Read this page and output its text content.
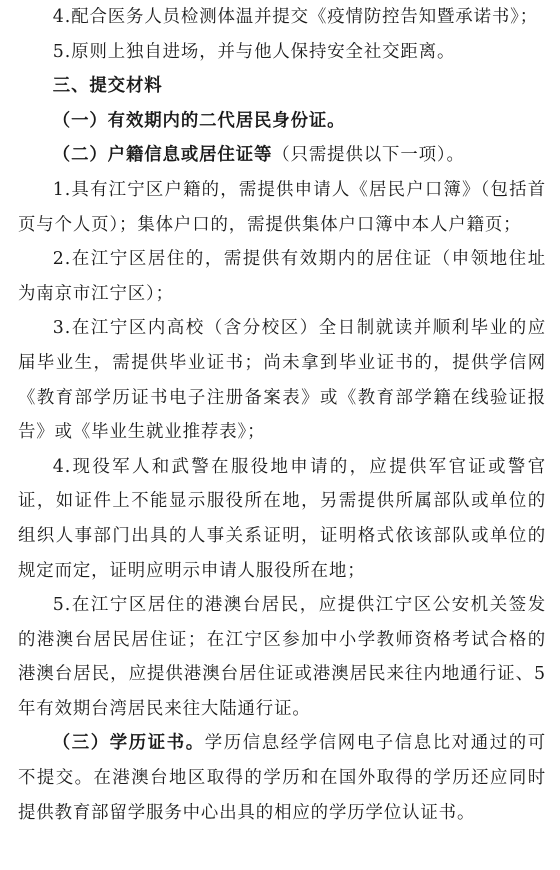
4.配合医务人员检测体温并提交《疫情防控告知暨承诺书》；

5.原则上独自进场，并与他人保持安全社交距离。

三、提交材料

（一）有效期内的二代居民身份证。

（二）户籍信息或居住证等（只需提供以下一项）。

1.具有江宁区户籍的，需提供申请人《居民户口簿》（包括首页与个人页）；集体户口的，需提供集体户口簿中本人户籍页；

2.在江宁区居住的，需提供有效期内的居住证（申领地住址为南京市江宁区）；

3.在江宁区内高校（含分校区）全日制就读并顺利毕业的应届毕业生，需提供毕业证书；尚未拿到毕业证书的，提供学信网《教育部学历证书电子注册备案表》或《教育部学籍在线验证报告》或《毕业生就业推荐表》；

4.现役军人和武警在服役地申请的，应提供军官证或警官证，如证件上不能显示服役所在地，另需提供所属部队或单位的组织人事部门出具的人事关系证明，证明格式依该部队或单位的规定而定，证明应明示申请人服役所在地；

5.在江宁区居住的港澳台居民，应提供江宁区公安机关签发的港澳台居民居住证；在江宁区参加中小学教师资格考试合格的港澳台居民，应提供港澳台居住证或港澳居民来往内地通行证、5年有效期台湾居民来往大陆通行证。

（三）学历证书。学历信息经学信网电子信息比对通过的可不提交。在港澳台地区取得的学历和在国外取得的学历还应同时提供教育部留学服务中心出具的相应的学历学位认证书。
